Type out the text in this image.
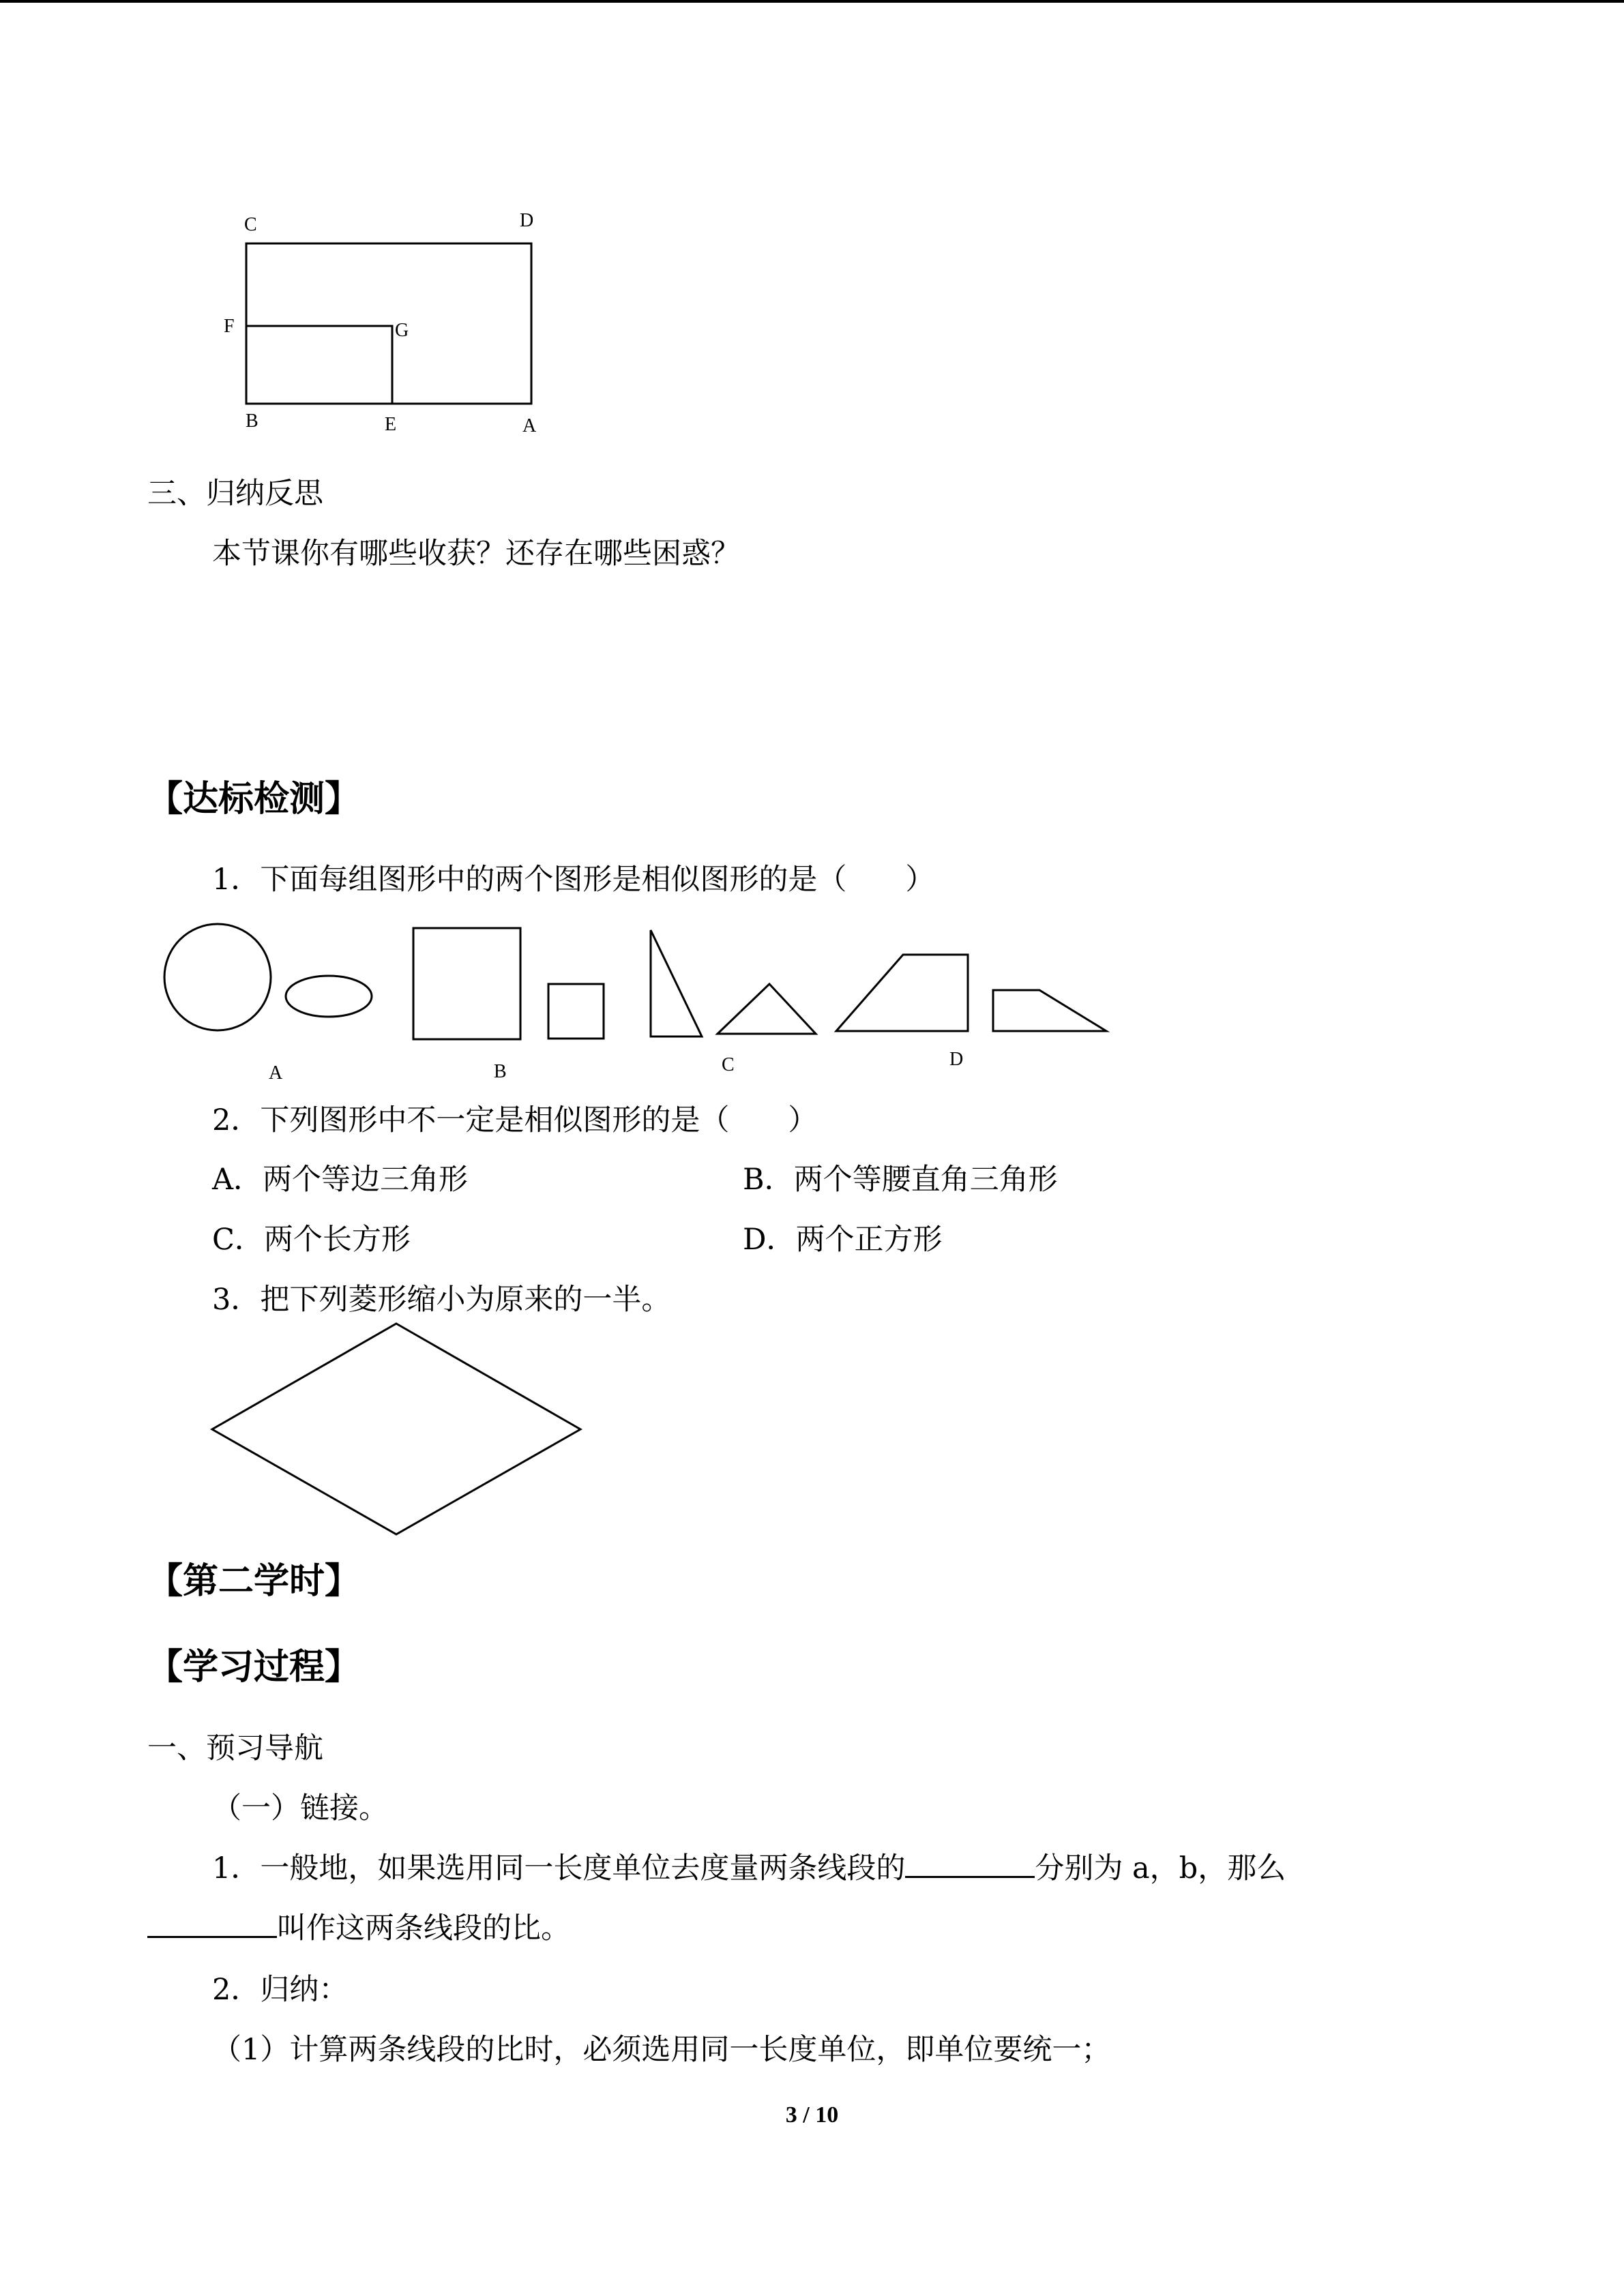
C	D
F	G
B	E	A
三、归纳反思
本节课你有哪些收获？还存在哪些困惑？
【达标检测】
1．下面每组图形中的两个图形是相似图形的是（　　）
A	B	C	D
2．下列图形中不一定是相似图形的是（　　）
A．两个等边三角形	B．两个等腰直角三角形
C．两个长方形	D．两个正方形
3．把下列菱形缩小为原来的一半。
【第二学时】
【学习过程】
一、预习导航
（一）链接。
1．一般地，如果选用同一长度单位去度量两条线段的	分别为 a，b，那么
叫作这两条线段的比。
2．归纳：
（1）计算两条线段的比时，必须选用同一长度单位，即单位要统一；
3 / 10
